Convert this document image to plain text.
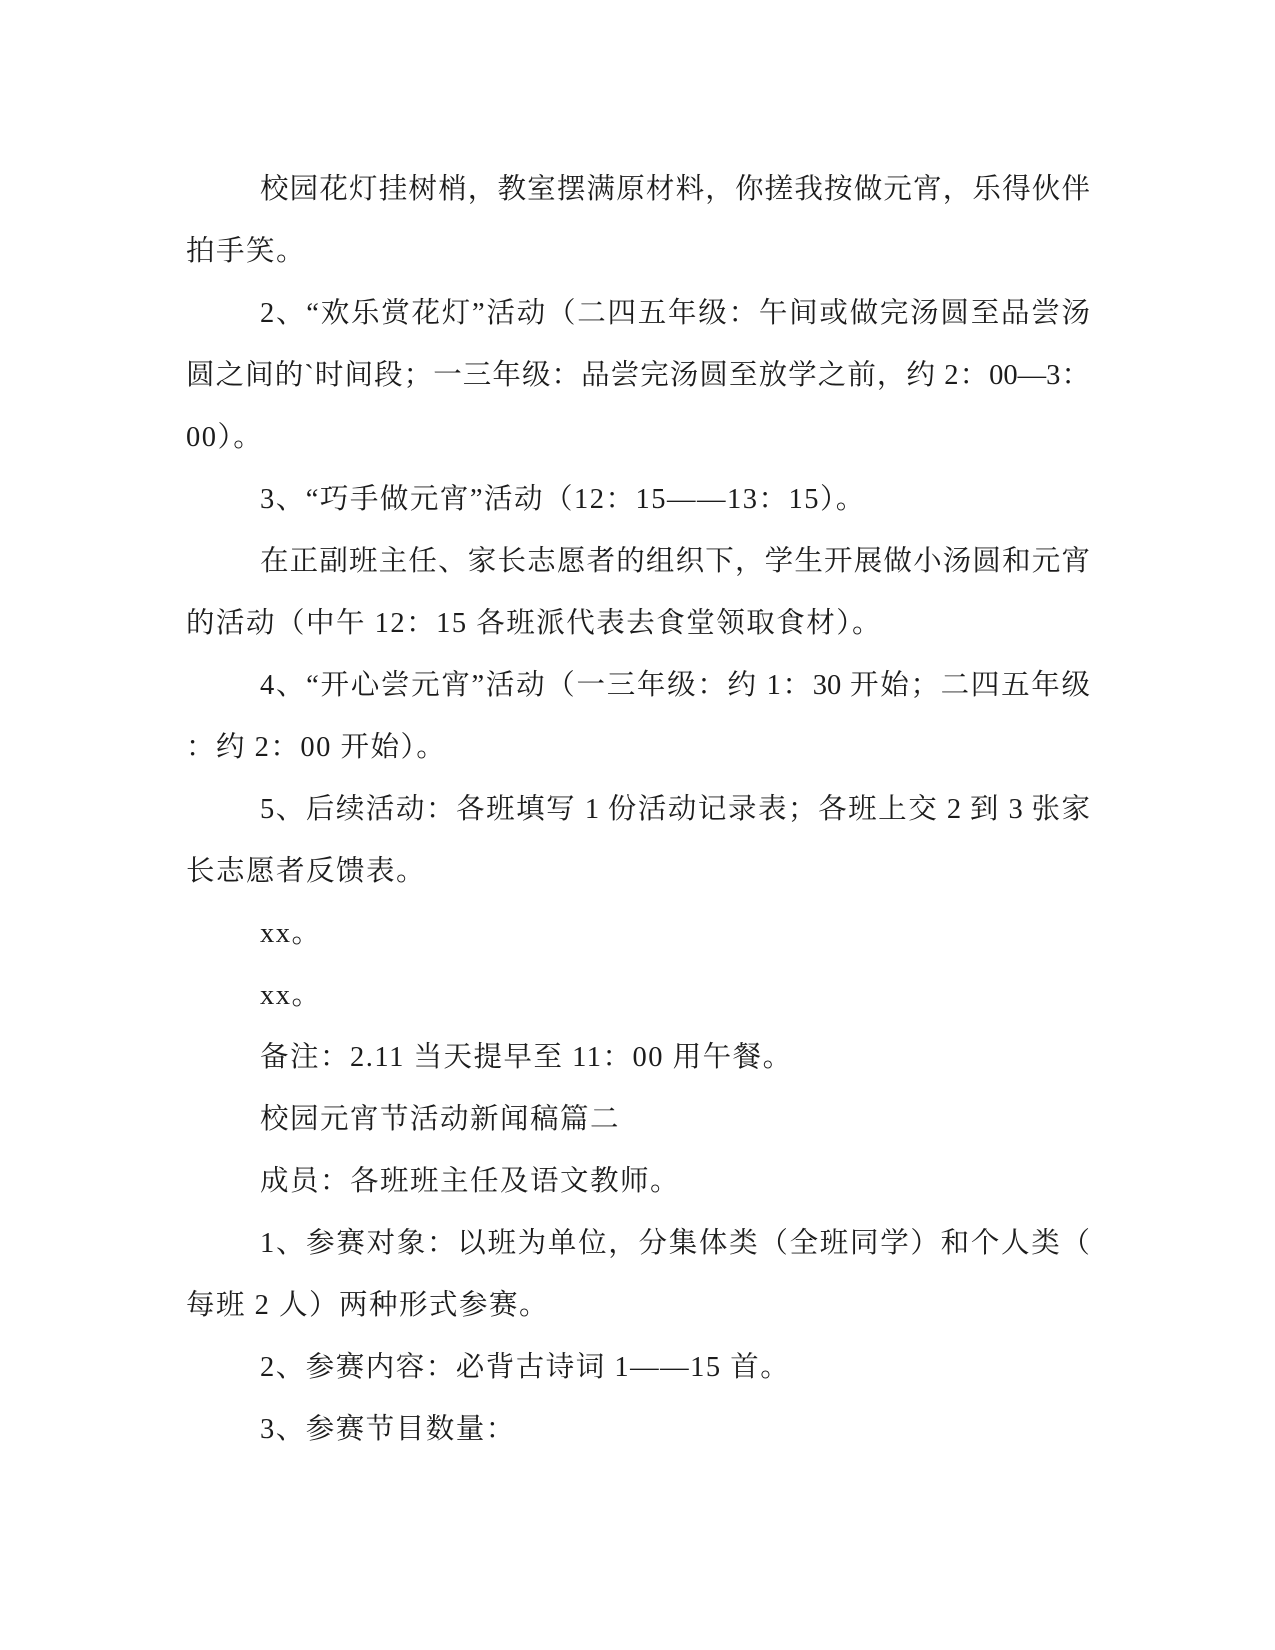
校园花灯挂树梢，教室摆满原材料，你搓我按做元宵，乐得伙伴
拍手笑。
2、“欢乐赏花灯”活动（二四五年级：午间或做完汤圆至品尝汤
圆之间的`时间段；一三年级：品尝完汤圆至放学之前，约 2：00—3：
00）。
3、“巧手做元宵”活动（12：15——13：15）。
在正副班主任、家长志愿者的组织下，学生开展做小汤圆和元宵
的活动（中午 12：15 各班派代表去食堂领取食材）。
4、“开心尝元宵”活动（一三年级：约 1：30 开始；二四五年级
：约 2：00 开始）。
5、后续活动：各班填写 1 份活动记录表；各班上交 2 到 3 张家
长志愿者反馈表。
xx。
xx。
备注：2.11 当天提早至 11：00 用午餐。
校园元宵节活动新闻稿篇二
成员：各班班主任及语文教师。
1、参赛对象：以班为单位，分集体类（全班同学）和个人类（
每班 2 人）两种形式参赛。
2、参赛内容：必背古诗词 1——15 首。
3、参赛节目数量：
